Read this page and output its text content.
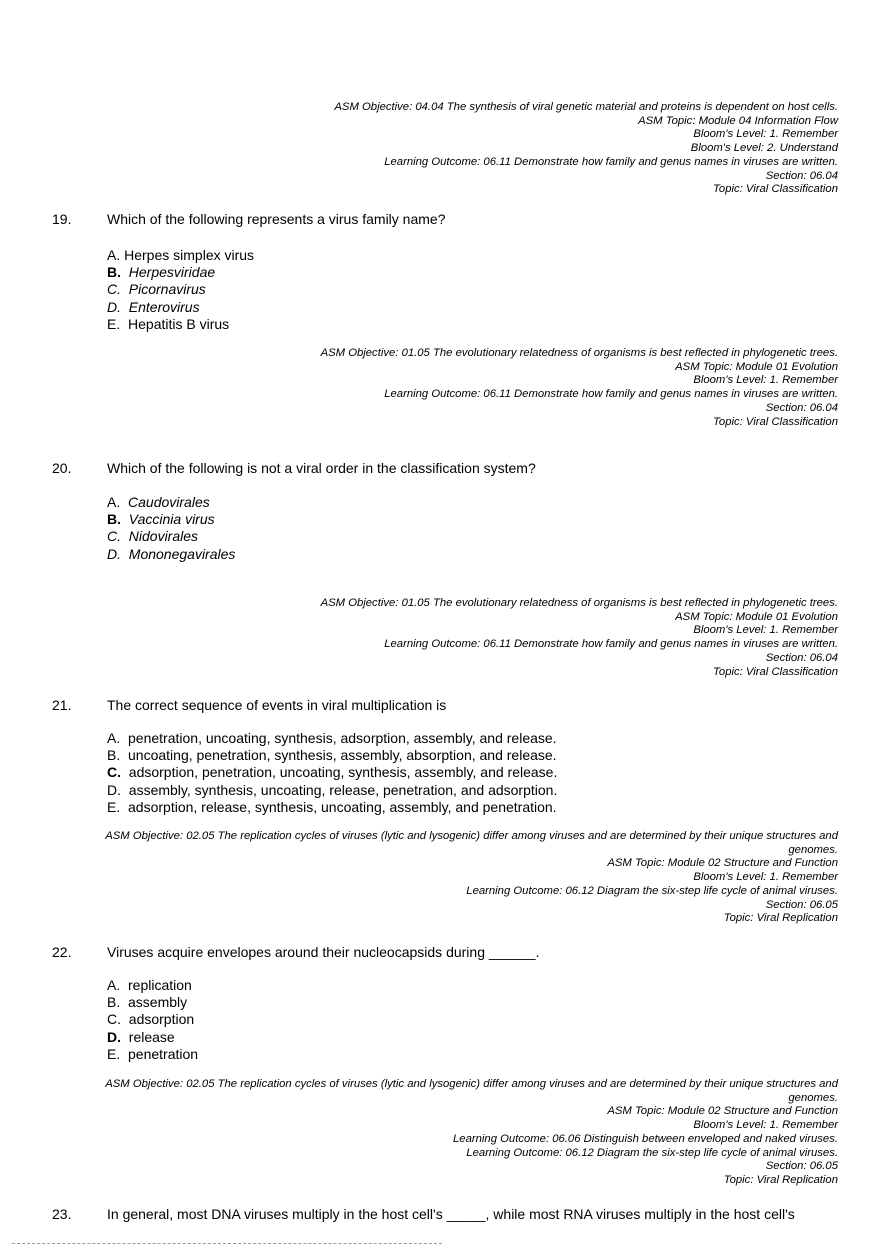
ASM Objective: 04.04 The synthesis of viral genetic material and proteins is dependent on host cells.
ASM Topic: Module 04 Information Flow
Bloom's Level: 1. Remember
Bloom's Level: 2. Understand
Learning Outcome: 06.11 Demonstrate how family and genus names in viruses are written.
Section: 06.04
Topic: Viral Classification
19.	Which of the following represents a virus family name?
A. Herpes simplex virus
B. Herpesviridae
C. Picornavirus
D. Enterovirus
E. Hepatitis B virus
ASM Objective: 01.05 The evolutionary relatedness of organisms is best reflected in phylogenetic trees.
ASM Topic: Module 01 Evolution
Bloom's Level: 1. Remember
Learning Outcome: 06.11 Demonstrate how family and genus names in viruses are written.
Section: 06.04
Topic: Viral Classification
20.	Which of the following is not a viral order in the classification system?
A. Caudovirales
B. Vaccinia virus
C. Nidovirales
D. Mononegavirales
ASM Objective: 01.05 The evolutionary relatedness of organisms is best reflected in phylogenetic trees.
ASM Topic: Module 01 Evolution
Bloom's Level: 1. Remember
Learning Outcome: 06.11 Demonstrate how family and genus names in viruses are written.
Section: 06.04
Topic: Viral Classification
21.	The correct sequence of events in viral multiplication is
A. penetration, uncoating, synthesis, adsorption, assembly, and release.
B. uncoating, penetration, synthesis, assembly, absorption, and release.
C. adsorption, penetration, uncoating, synthesis, assembly, and release.
D. assembly, synthesis, uncoating, release, penetration, and adsorption.
E. adsorption, release, synthesis, uncoating, assembly, and penetration.
ASM Objective: 02.05 The replication cycles of viruses (lytic and lysogenic) differ among viruses and are determined by their unique structures and genomes.
ASM Topic: Module 02 Structure and Function
Bloom's Level: 1. Remember
Learning Outcome: 06.12 Diagram the six-step life cycle of animal viruses.
Section: 06.05
Topic: Viral Replication
22.	Viruses acquire envelopes around their nucleocapsids during ______.
A. replication
B. assembly
C. adsorption
D. release
E. penetration
ASM Objective: 02.05 The replication cycles of viruses (lytic and lysogenic) differ among viruses and are determined by their unique structures and genomes.
ASM Topic: Module 02 Structure and Function
Bloom's Level: 1. Remember
Learning Outcome: 06.06 Distinguish between enveloped and naked viruses.
Learning Outcome: 06.12 Diagram the six-step life cycle of animal viruses.
Section: 06.05
Topic: Viral Replication
23.	In general, most DNA viruses multiply in the host cell's _____, while most RNA viruses multiply in the host cell's
